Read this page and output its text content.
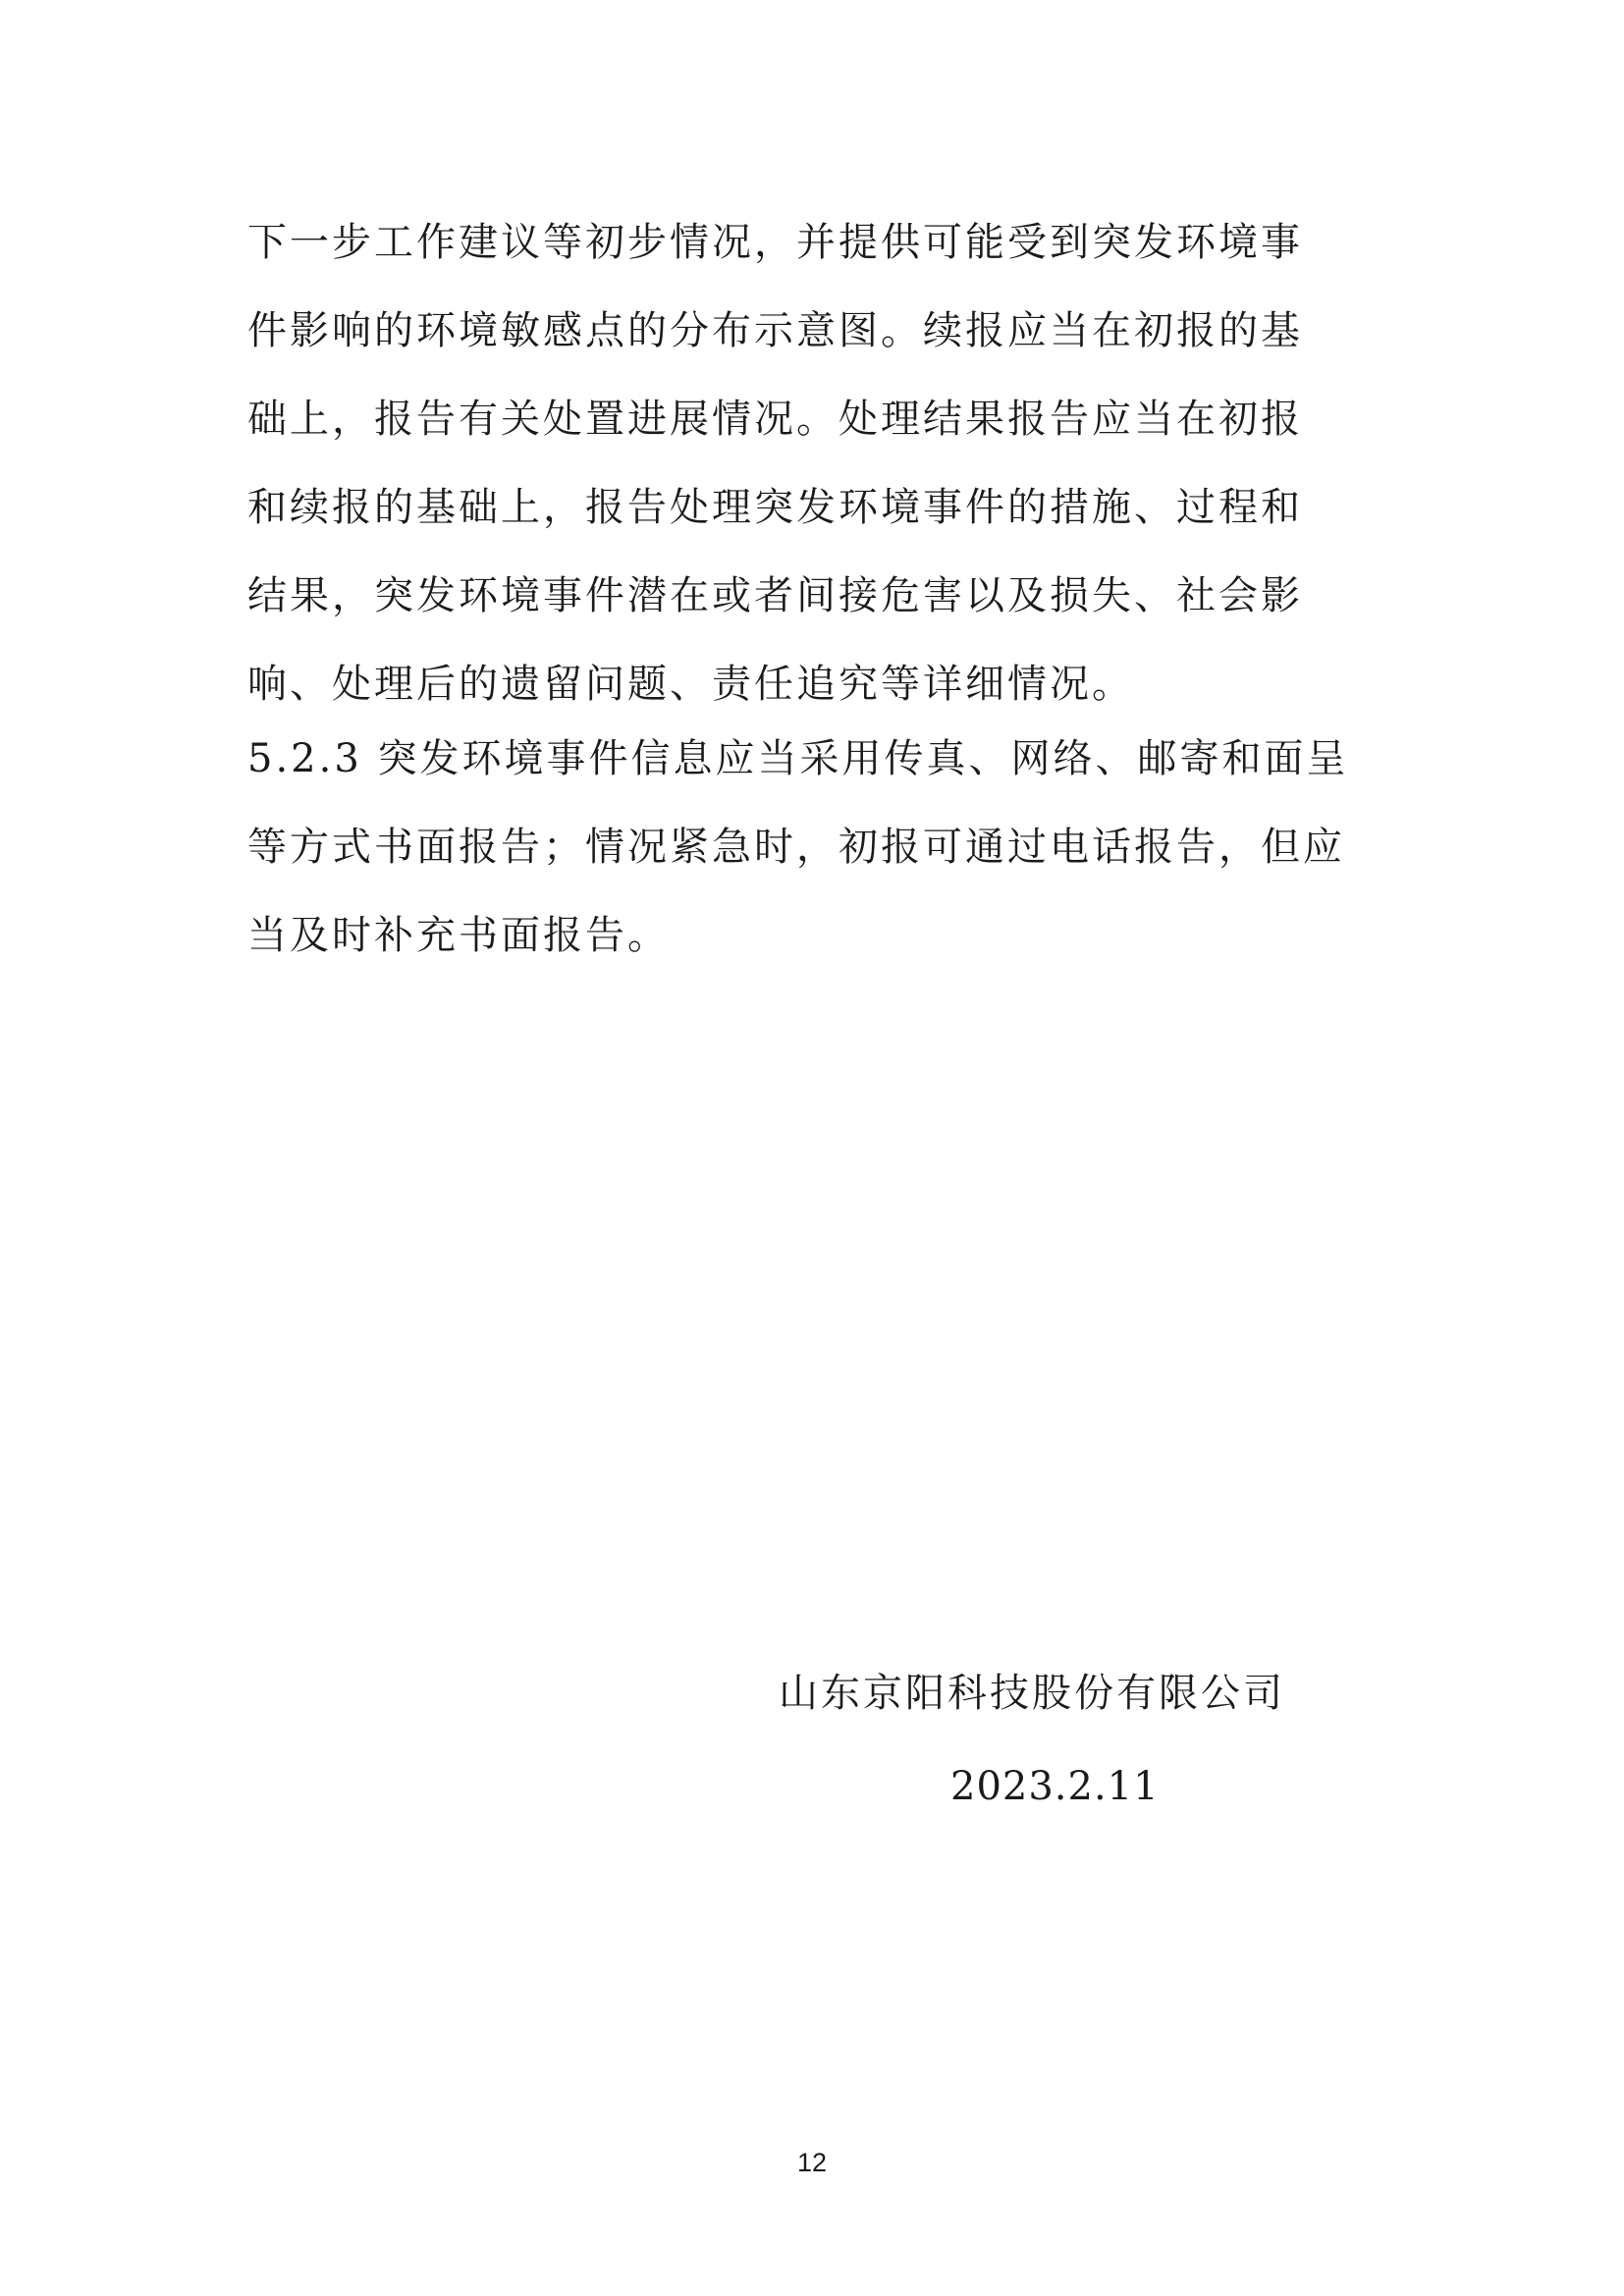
下一步工作建议等初步情况，并提供可能受到突发环境事
件影响的环境敏感点的分布示意图。续报应当在初报的基
础上，报告有关处置进展情况。处理结果报告应当在初报
和续报的基础上，报告处理突发环境事件的措施、过程和
结果，突发环境事件潜在或者间接危害以及损失、社会影
响、处理后的遗留问题、责任追究等详细情况。
5.2.3 突发环境事件信息应当采用传真、网络、邮寄和面呈
等方式书面报告；情况紧急时，初报可通过电话报告，但应
当及时补充书面报告。
山东京阳科技股份有限公司
2023.2.11
12
